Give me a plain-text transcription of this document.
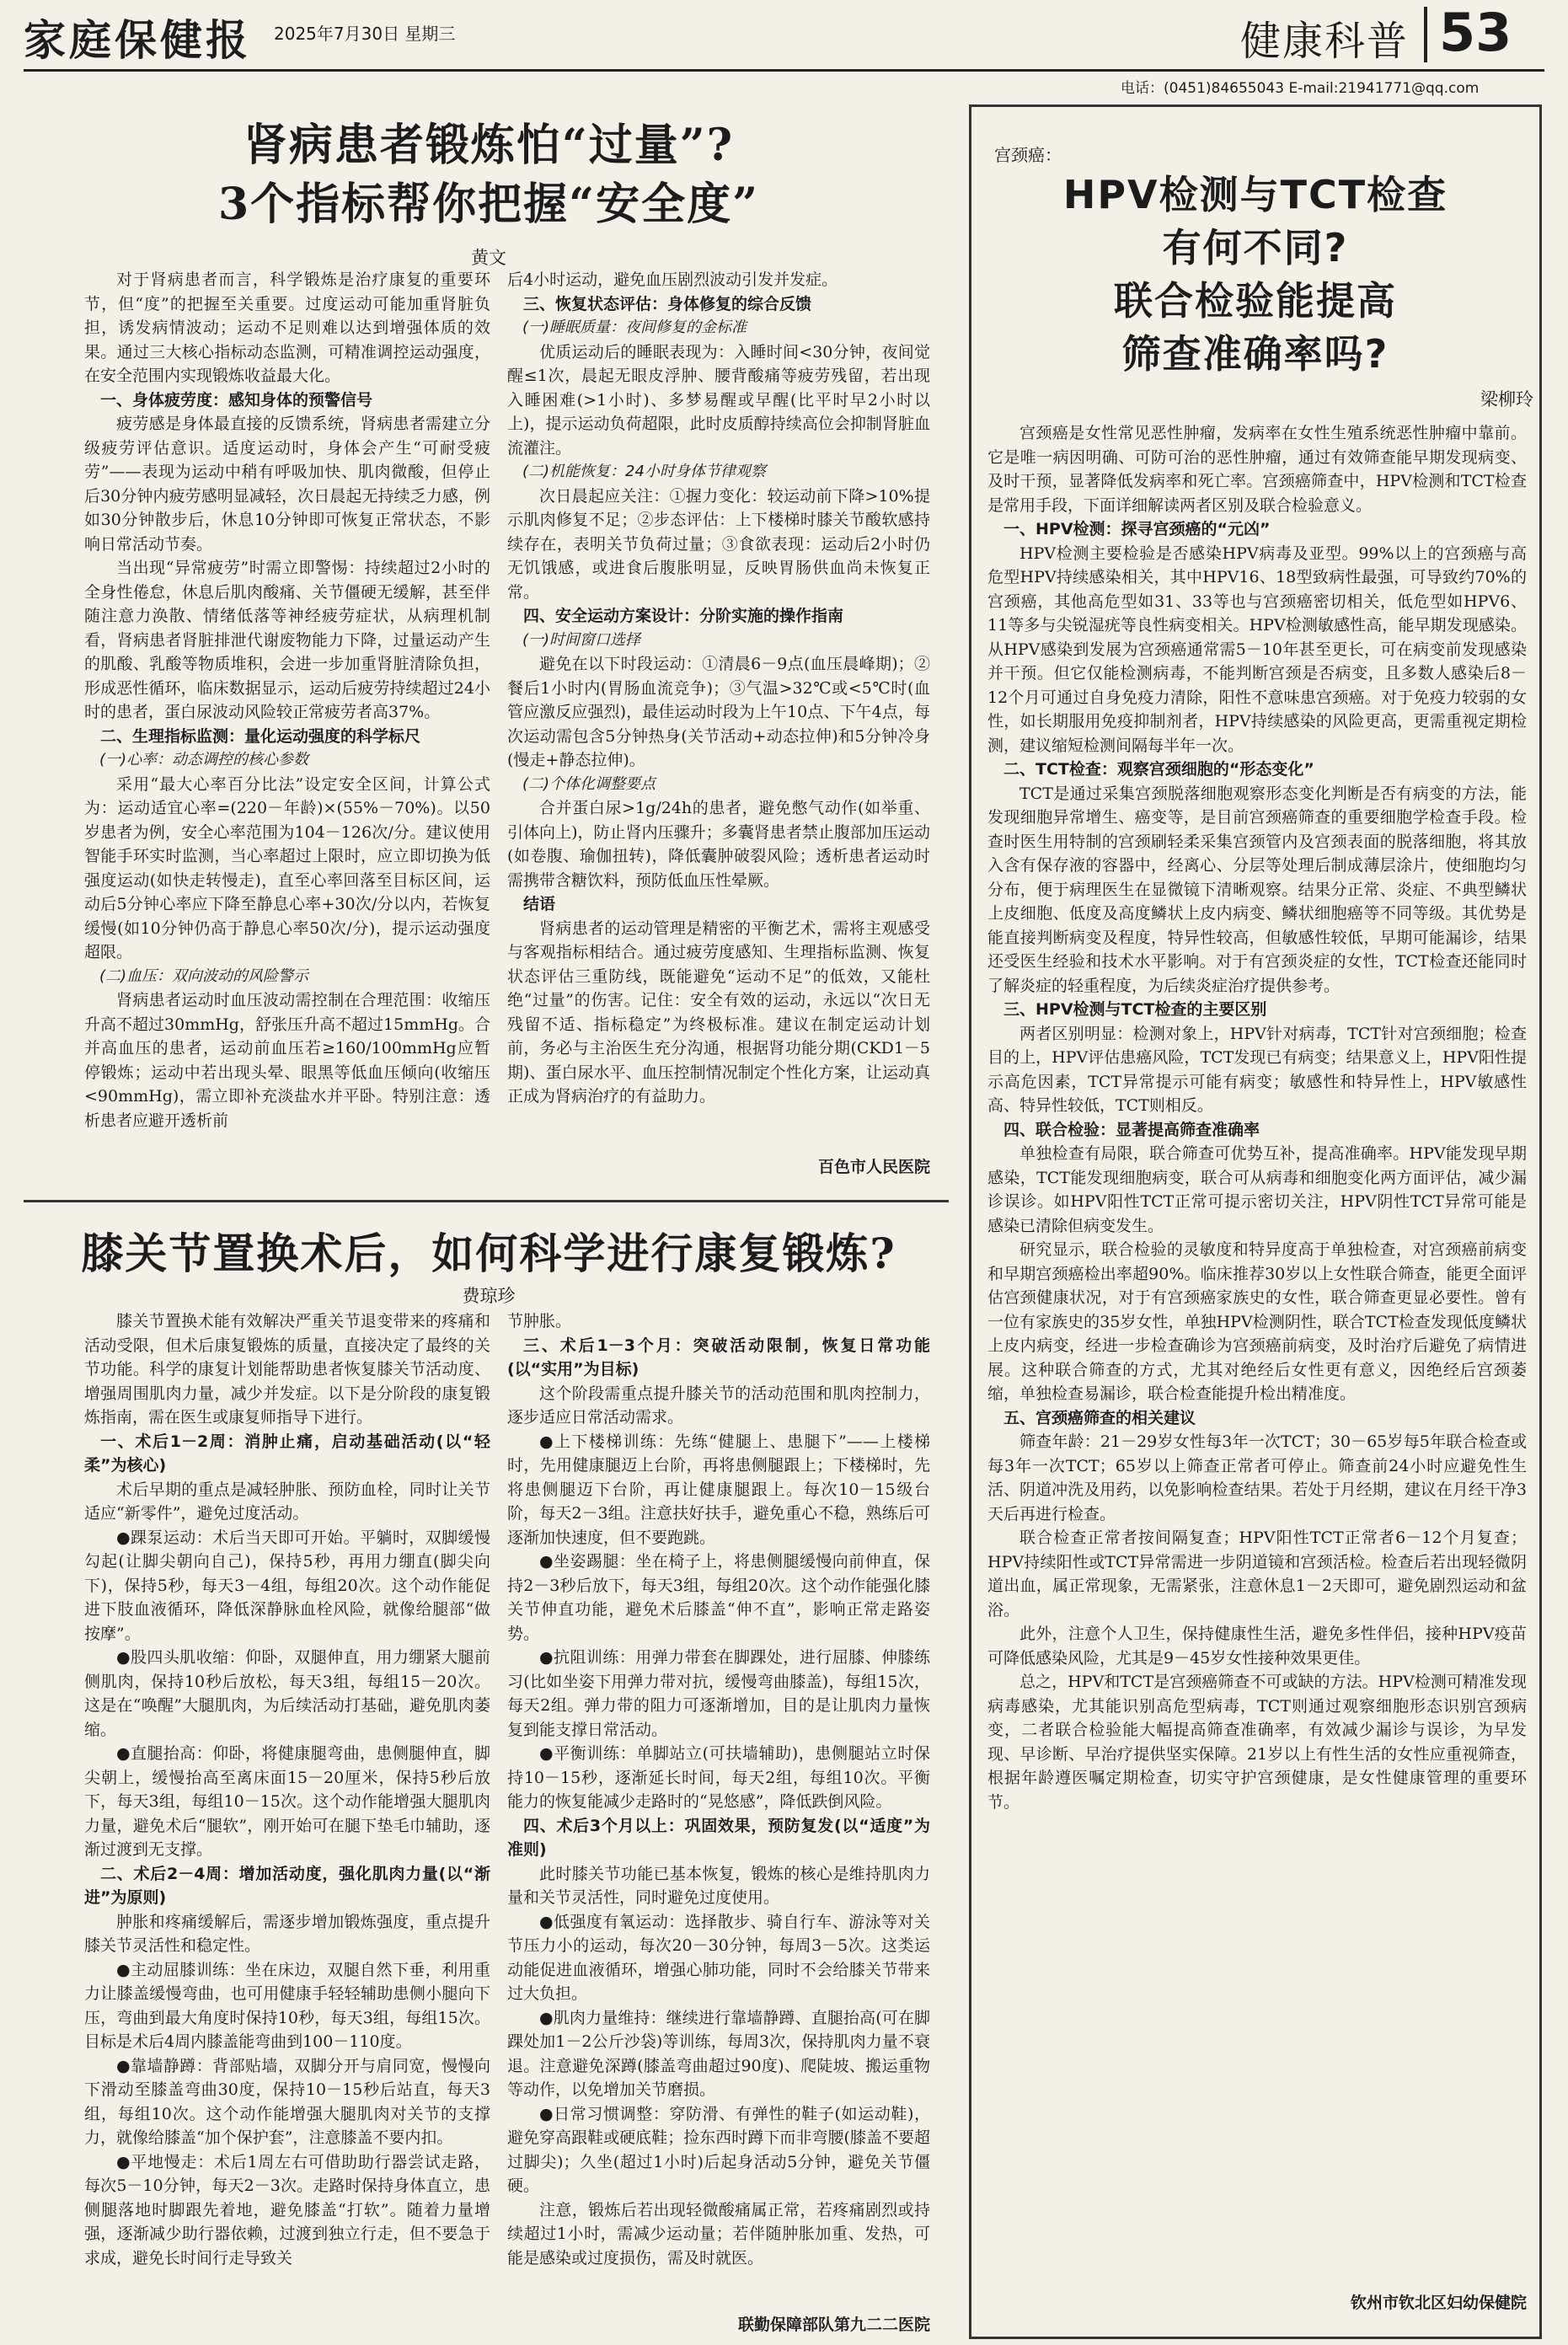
家庭保健报 2025年7月30日 星期三	健康科普 53
电话：(0451)84655043 E-mail:21941771@qq.com
肾病患者锻炼怕“过量”?
3个指标帮你把握“安全度”
黄文
对于肾病患者而言，科学锻炼是治疗康复的重要环节，但“度”的把握至关重要。过度运动可能加重肾脏负担，诱发病情波动；运动不足则难以达到增强体质的效果。通过三大核心指标动态监测，可精准调控运动强度，在安全范围内实现锻炼收益最大化。
一、身体疲劳度：感知身体的预警信号
疲劳感是身体最直接的反馈系统，肾病患者需建立分级疲劳评估意识。适度运动时，身体会产生“可耐受疲劳”——表现为运动中稍有呼吸加快、肌肉微酸，但停止后30分钟内疲劳感明显减轻，次日晨起无持续乏力感，例如30分钟散步后，休息10分钟即可恢复正常状态，不影响日常活动节奏。
当出现“异常疲劳”时需立即警惕：持续超过2小时的全身性倦怠，休息后肌肉酸痛、关节僵硬无缓解，甚至伴随注意力涣散、情绪低落等神经疲劳症状，从病理机制看，肾病患者肾脏排泄代谢废物能力下降，过量运动产生的肌酸、乳酸等物质堆积，会进一步加重肾脏清除负担，形成恶性循环，临床数据显示，运动后疲劳持续超过24小时的患者，蛋白尿波动风险较正常疲劳者高37%。
二、生理指标监测：量化运动强度的科学标尺
(一)心率：动态调控的核心参数
采用“最大心率百分比法”设定安全区间，计算公式为：运动适宜心率=(220－年龄)×(55%－70%)。以50岁患者为例，安全心率范围为104－126次/分。建议使用智能手环实时监测，当心率超过上限时，应立即切换为低强度运动(如快走转慢走)，直至心率回落至目标区间，运动后5分钟心率应下降至静息心率+30次/分以内，若恢复缓慢(如10分钟仍高于静息心率50次/分)，提示运动强度超限。
(二)血压：双向波动的风险警示
肾病患者运动时血压波动需控制在合理范围：收缩压升高不超过30mmHg，舒张压升高不超过15mmHg。合并高血压的患者，运动前血压若≥160/100mmHg应暂停锻炼；运动中若出现头晕、眼黑等低血压倾向(收缩压<90mmHg)，需立即补充淡盐水并平卧。特别注意：透析患者应避开透析前
后4小时运动，避免血压剧烈波动引发并发症。
三、恢复状态评估：身体修复的综合反馈
(一)睡眠质量：夜间修复的金标准
优质运动后的睡眠表现为：入睡时间<30分钟，夜间觉醒≤1次，晨起无眼皮浮肿、腰背酸痛等疲劳残留，若出现入睡困难(>1小时)、多梦易醒或早醒(比平时早2小时以上)，提示运动负荷超限，此时皮质醇持续高位会抑制肾脏血流灌注。
(二)机能恢复：24小时身体节律观察
次日晨起应关注：①握力变化：较运动前下降>10%提示肌肉修复不足；②步态评估：上下楼梯时膝关节酸软感持续存在，表明关节负荷过量；③食欲表现：运动后2小时仍无饥饿感，或进食后腹胀明显，反映胃肠供血尚未恢复正常。
四、安全运动方案设计：分阶实施的操作指南
(一)时间窗口选择
避免在以下时段运动：①清晨6－9点(血压晨峰期)；②餐后1小时内(胃肠血流竞争)；③气温>32℃或<5℃时(血管应激反应强烈)，最佳运动时段为上午10点、下午4点，每次运动需包含5分钟热身(关节活动+动态拉伸)和5分钟冷身(慢走+静态拉伸)。
(二)个体化调整要点
合并蛋白尿>1g/24h的患者，避免憋气动作(如举重、引体向上)，防止肾内压骤升；多囊肾患者禁止腹部加压运动(如卷腹、瑜伽扭转)，降低囊肿破裂风险；透析患者运动时需携带含糖饮料，预防低血压性晕厥。
结语
肾病患者的运动管理是精密的平衡艺术，需将主观感受与客观指标相结合。通过疲劳度感知、生理指标监测、恢复状态评估三重防线，既能避免“运动不足”的低效，又能杜绝“过量”的伤害。记住：安全有效的运动，永远以“次日无残留不适、指标稳定”为终极标准。建议在制定运动计划前，务必与主治医生充分沟通，根据肾功能分期(CKD1－5期)、蛋白尿水平、血压控制情况制定个性化方案，让运动真正成为肾病治疗的有益助力。
百色市人民医院
膝关节置换术后，如何科学进行康复锻炼?
费琼珍
膝关节置换术能有效解决严重关节退变带来的疼痛和活动受限，但术后康复锻炼的质量，直接决定了最终的关节功能。科学的康复计划能帮助患者恢复膝关节活动度、增强周围肌肉力量，减少并发症。以下是分阶段的康复锻炼指南，需在医生或康复师指导下进行。
一、术后1－2周：消肿止痛，启动基础活动(以“轻柔”为核心)
术后早期的重点是减轻肿胀、预防血栓，同时让关节适应“新零件”，避免过度活动。
●踝泵运动：术后当天即可开始。平躺时，双脚缓慢勾起(让脚尖朝向自己)，保持5秒，再用力绷直(脚尖向下)，保持5秒，每天3－4组，每组20次。这个动作能促进下肢血液循环，降低深静脉血栓风险，就像给腿部“做按摩”。
●股四头肌收缩：仰卧，双腿伸直，用力绷紧大腿前侧肌肉，保持10秒后放松，每天3组，每组15－20次。这是在“唤醒”大腿肌肉，为后续活动打基础，避免肌肉萎缩。
●直腿抬高：仰卧，将健康腿弯曲，患侧腿伸直，脚尖朝上，缓慢抬高至离床面15－20厘米，保持5秒后放下，每天3组，每组10－15次。这个动作能增强大腿肌肉力量，避免术后“腿软”，刚开始可在腿下垫毛巾辅助，逐渐过渡到无支撑。
二、术后2－4周：增加活动度，强化肌肉力量(以“渐进”为原则)
肿胀和疼痛缓解后，需逐步增加锻炼强度，重点提升膝关节灵活性和稳定性。
●主动屈膝训练：坐在床边，双腿自然下垂，利用重力让膝盖缓慢弯曲，也可用健康手轻轻辅助患侧小腿向下压，弯曲到最大角度时保持10秒，每天3组，每组15次。目标是术后4周内膝盖能弯曲到100－110度。
●靠墙静蹲：背部贴墙，双脚分开与肩同宽，慢慢向下滑动至膝盖弯曲30度，保持10－15秒后站直，每天3组，每组10次。这个动作能增强大腿肌肉对关节的支撑力，就像给膝盖“加个保护套”，注意膝盖不要内扣。
●平地慢走：术后1周左右可借助助行器尝试走路，每次5－10分钟，每天2－3次。走路时保持身体直立，患侧腿落地时脚跟先着地，避免膝盖“打软”。随着力量增强，逐渐减少助行器依赖，过渡到独立行走，但不要急于求成，避免长时间行走导致关
节肿胀。
三、术后1－3个月：突破活动限制，恢复日常功能(以“实用”为目标)
这个阶段需重点提升膝关节的活动范围和肌肉控制力，逐步适应日常活动需求。
●上下楼梯训练：先练“健腿上、患腿下”——上楼梯时，先用健康腿迈上台阶，再将患侧腿跟上；下楼梯时，先将患侧腿迈下台阶，再让健康腿跟上。每次10－15级台阶，每天2－3组。注意扶好扶手，避免重心不稳，熟练后可逐渐加快速度，但不要跑跳。
●坐姿踢腿：坐在椅子上，将患侧腿缓慢向前伸直，保持2－3秒后放下，每天3组，每组20次。这个动作能强化膝关节伸直功能，避免术后膝盖“伸不直”，影响正常走路姿势。
●抗阻训练：用弹力带套在脚踝处，进行屈膝、伸膝练习(比如坐姿下用弹力带对抗，缓慢弯曲膝盖)，每组15次，每天2组。弹力带的阻力可逐渐增加，目的是让肌肉力量恢复到能支撑日常活动。
●平衡训练：单脚站立(可扶墙辅助)，患侧腿站立时保持10－15秒，逐渐延长时间，每天2组，每组10次。平衡能力的恢复能减少走路时的“晃悠感”，降低跌倒风险。
四、术后3个月以上：巩固效果，预防复发(以“适度”为准则)
此时膝关节功能已基本恢复，锻炼的核心是维持肌肉力量和关节灵活性，同时避免过度使用。
●低强度有氧运动：选择散步、骑自行车、游泳等对关节压力小的运动，每次20－30分钟，每周3－5次。这类运动能促进血液循环，增强心肺功能，同时不会给膝关节带来过大负担。
●肌肉力量维持：继续进行靠墙静蹲、直腿抬高(可在脚踝处加1－2公斤沙袋)等训练，每周3次，保持肌肉力量不衰退。注意避免深蹲(膝盖弯曲超过90度)、爬陡坡、搬运重物等动作，以免增加关节磨损。
●日常习惯调整：穿防滑、有弹性的鞋子(如运动鞋)，避免穿高跟鞋或硬底鞋；捡东西时蹲下而非弯腰(膝盖不要超过脚尖)；久坐(超过1小时)后起身活动5分钟，避免关节僵硬。
注意，锻炼后若出现轻微酸痛属正常，若疼痛剧烈或持续超过1小时，需减少运动量；若伴随肿胀加重、发热，可能是感染或过度损伤，需及时就医。
联勤保障部队第九二二医院
宫颈癌：
HPV检测与TCT检查
有何不同?
联合检验能提高
筛查准确率吗?
梁柳玲
宫颈癌是女性常见恶性肿瘤，发病率在女性生殖系统恶性肿瘤中靠前。它是唯一病因明确、可防可治的恶性肿瘤，通过有效筛查能早期发现病变、及时干预，显著降低发病率和死亡率。宫颈癌筛查中，HPV检测和TCT检查是常用手段，下面详细解读两者区别及联合检验意义。
一、HPV检测：探寻宫颈癌的“元凶”
HPV检测主要检验是否感染HPV病毒及亚型。99%以上的宫颈癌与高危型HPV持续感染相关，其中HPV16、18型致病性最强，可导致约70%的宫颈癌，其他高危型如31、33等也与宫颈癌密切相关，低危型如HPV6、11等多与尖锐湿疣等良性病变相关。HPV检测敏感性高，能早期发现感染。从HPV感染到发展为宫颈癌通常需5－10年甚至更长，可在病变前发现感染并干预。但它仅能检测病毒，不能判断宫颈是否病变，且多数人感染后8－12个月可通过自身免疫力清除，阳性不意味患宫颈癌。对于免疫力较弱的女性，如长期服用免疫抑制剂者，HPV持续感染的风险更高，更需重视定期检测，建议缩短检测间隔每半年一次。
二、TCT检查：观察宫颈细胞的“形态变化”
TCT是通过采集宫颈脱落细胞观察形态变化判断是否有病变的方法，能发现细胞异常增生、癌变等，是目前宫颈癌筛查的重要细胞学检查手段。检查时医生用特制的宫颈刷轻柔采集宫颈管内及宫颈表面的脱落细胞，将其放入含有保存液的容器中，经离心、分层等处理后制成薄层涂片，使细胞均匀分布，便于病理医生在显微镜下清晰观察。结果分正常、炎症、不典型鳞状上皮细胞、低度及高度鳞状上皮内病变、鳞状细胞癌等不同等级。其优势是能直接判断病变及程度，特异性较高，但敏感性较低，早期可能漏诊，结果还受医生经验和技术水平影响。对于有宫颈炎症的女性，TCT检查还能同时了解炎症的轻重程度，为后续炎症治疗提供参考。
三、HPV检测与TCT检查的主要区别
两者区别明显：检测对象上，HPV针对病毒，TCT针对宫颈细胞；检查目的上，HPV评估患癌风险，TCT发现已有病变；结果意义上，HPV阳性提示高危因素，TCT异常提示可能有病变；敏感性和特异性上，HPV敏感性高、特异性较低，TCT则相反。
四、联合检验：显著提高筛查准确率
单独检查有局限，联合筛查可优势互补，提高准确率。HPV能发现早期感染，TCT能发现细胞病变，联合可从病毒和细胞变化两方面评估，减少漏诊误诊。如HPV阳性TCT正常可提示密切关注，HPV阴性TCT异常可能是感染已清除但病变发生。
研究显示，联合检验的灵敏度和特异度高于单独检查，对宫颈癌前病变和早期宫颈癌检出率超90%。临床推荐30岁以上女性联合筛查，能更全面评估宫颈健康状况，对于有宫颈癌家族史的女性，联合筛查更显必要性。曾有一位有家族史的35岁女性，单独HPV检测阴性，联合TCT检查发现低度鳞状上皮内病变，经进一步检查确诊为宫颈癌前病变，及时治疗后避免了病情进展。这种联合筛查的方式，尤其对绝经后女性更有意义，因绝经后宫颈萎缩，单独检查易漏诊，联合检查能提升检出精准度。
五、宫颈癌筛查的相关建议
筛查年龄：21－29岁女性每3年一次TCT；30－65岁每5年联合检查或每3年一次TCT；65岁以上筛查正常者可停止。筛查前24小时应避免性生活、阴道冲洗及用药，以免影响检查结果。若处于月经期，建议在月经干净3天后再进行检查。
联合检查正常者按间隔复查；HPV阳性TCT正常者6－12个月复查；HPV持续阳性或TCT异常需进一步阴道镜和宫颈活检。检查后若出现轻微阴道出血，属正常现象，无需紧张，注意休息1－2天即可，避免剧烈运动和盆浴。
此外，注意个人卫生，保持健康性生活，避免多性伴侣，接种HPV疫苗可降低感染风险，尤其是9－45岁女性接种效果更佳。
总之，HPV和TCT是宫颈癌筛查不可或缺的方法。HPV检测可精准发现病毒感染，尤其能识别高危型病毒，TCT则通过观察细胞形态识别宫颈病变，二者联合检验能大幅提高筛查准确率，有效减少漏诊与误诊，为早发现、早诊断、早治疗提供坚实保障。21岁以上有性生活的女性应重视筛查，根据年龄遵医嘱定期检查，切实守护宫颈健康，是女性健康管理的重要环节。
钦州市钦北区妇幼保健院
